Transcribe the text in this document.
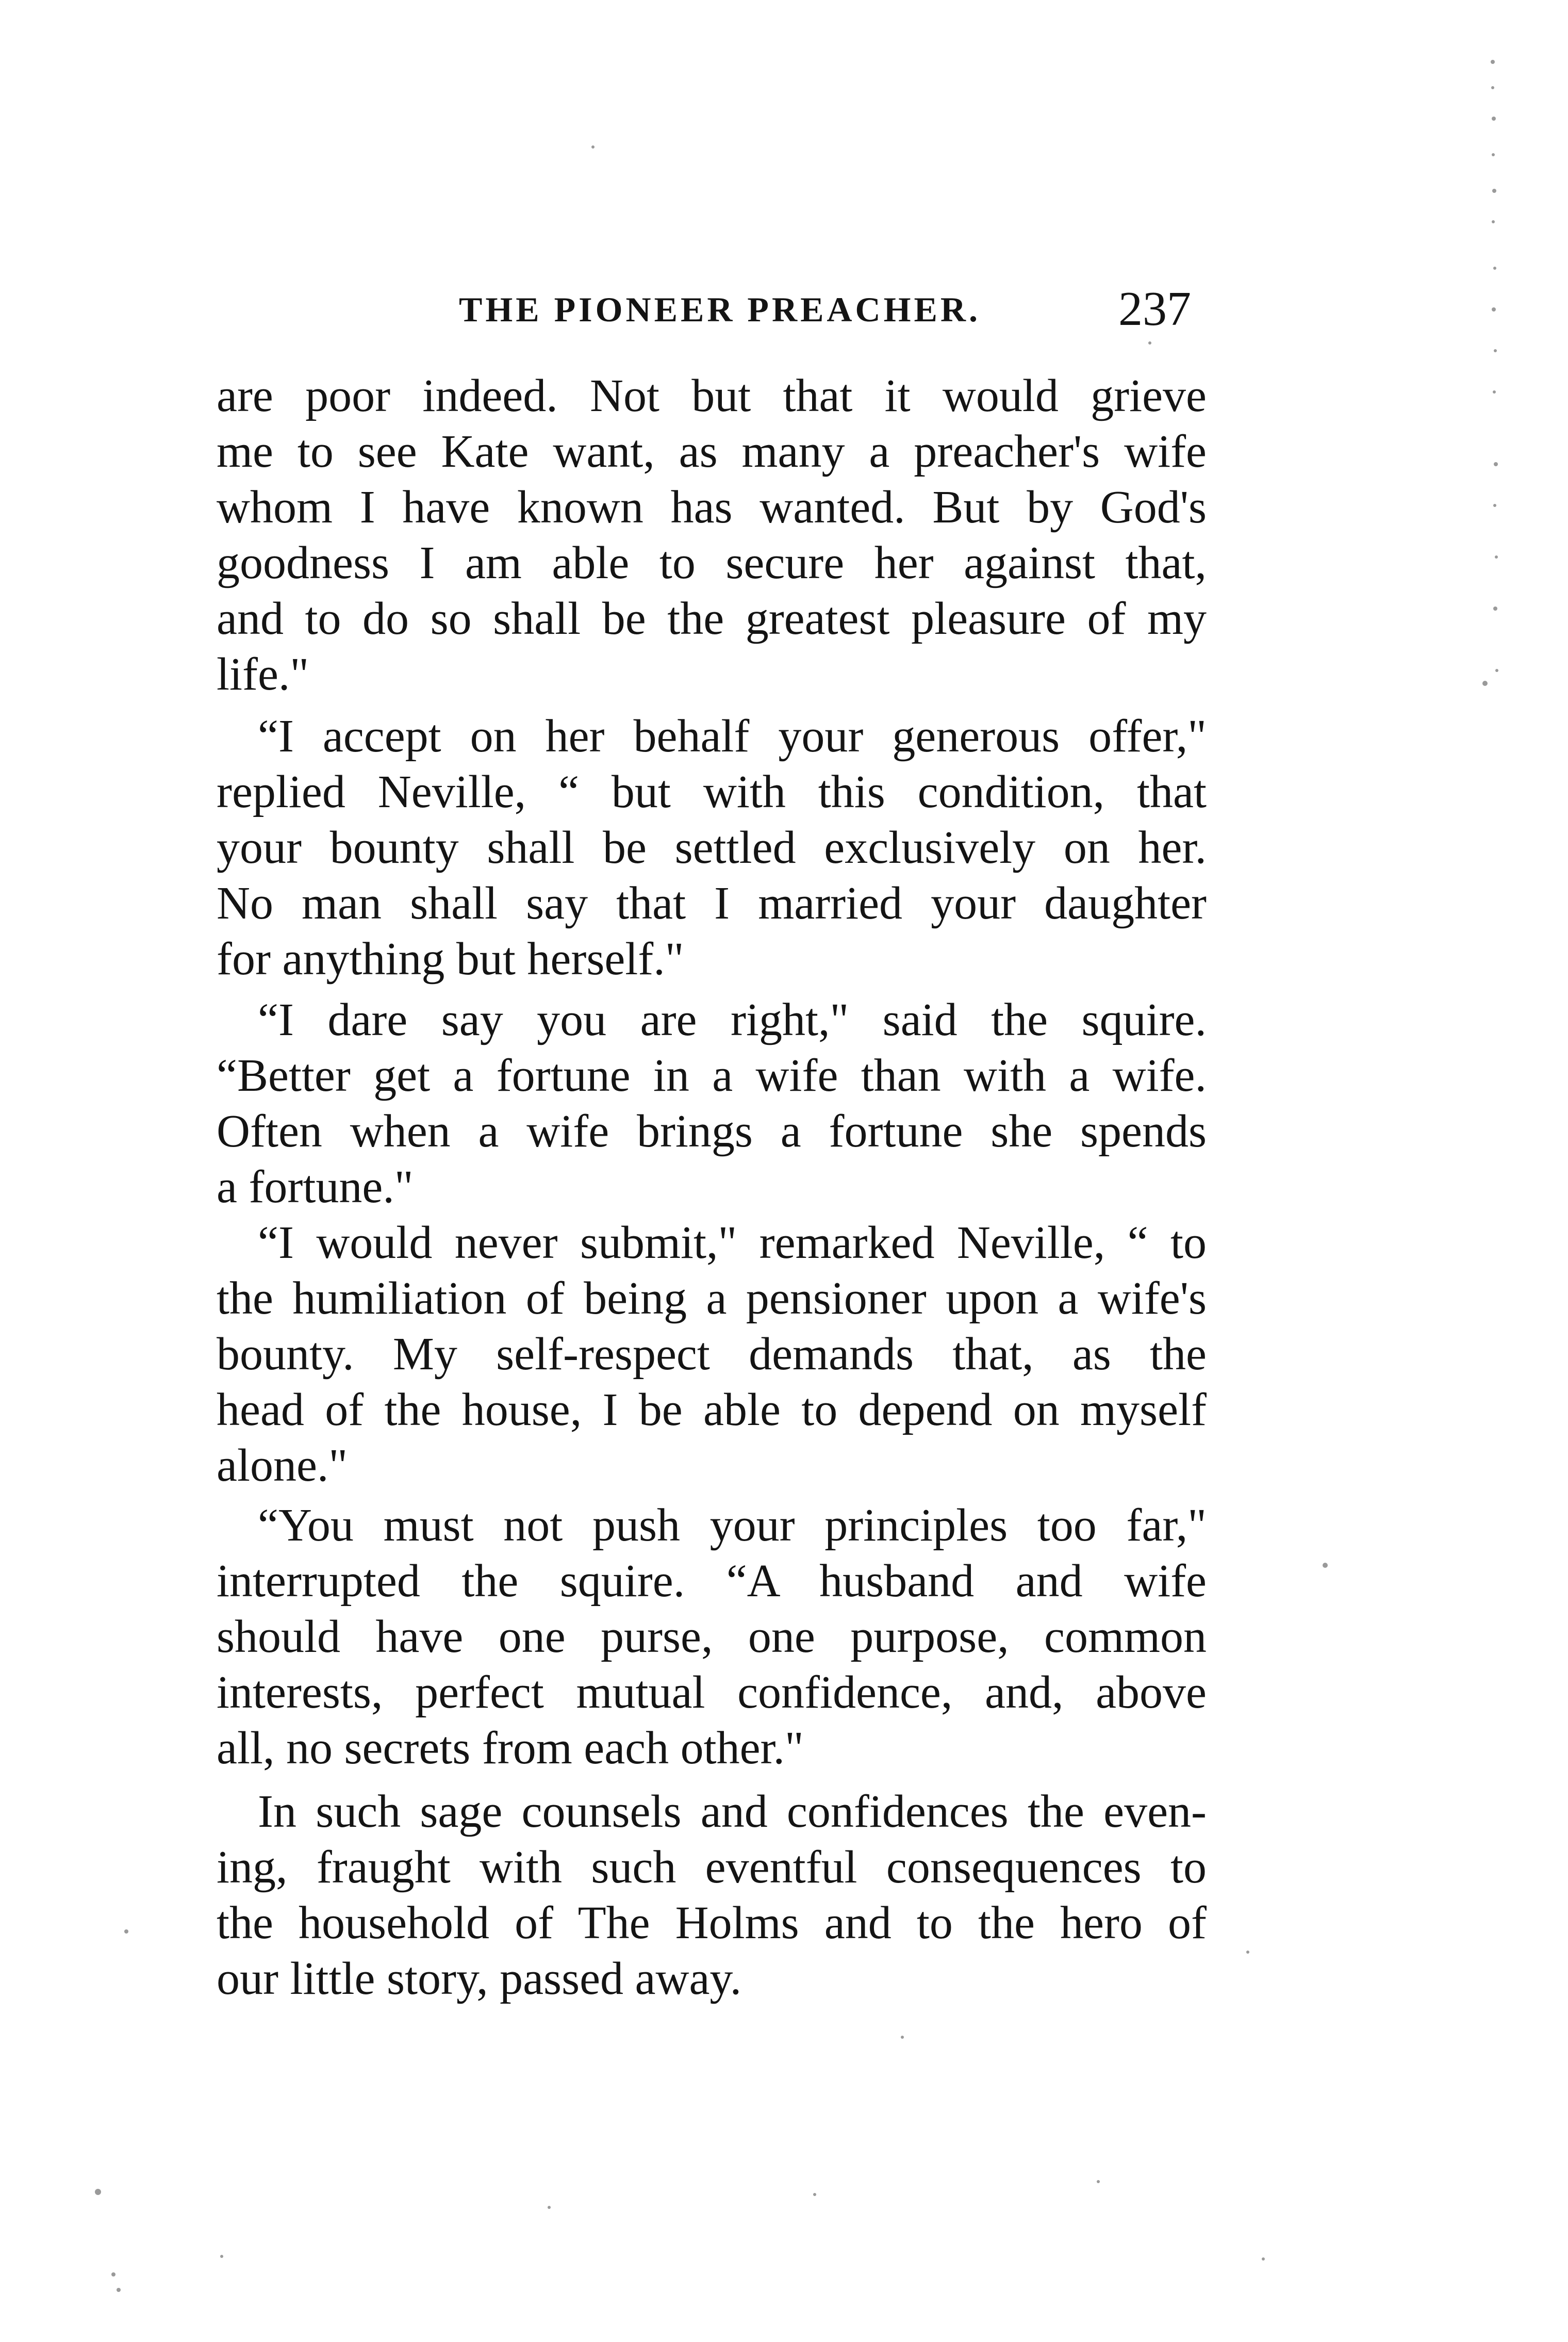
THE PIONEER PREACHER.	237
are poor indeed. Not but that it would grieve
me to see Kate want, as many a preacher's wife
whom I have known has wanted. But by God's
goodness I am able to secure her against that,
and to do so shall be the greatest pleasure of my
life."
“I accept on her behalf your generous offer,"
replied Neville, “ but with this condition, that
your bounty shall be settled exclusively on her.
No man shall say that I married your daughter
for anything but herself."
“I dare say you are right," said the squire.
“Better get a fortune in a wife than with a wife.
Often when a wife brings a fortune she spends
a fortune."
“I would never submit," remarked Neville, “ to
the humiliation of being a pensioner upon a wife's
bounty. My self-respect demands that, as the
head of the house, I be able to depend on myself
alone."
“You must not push your principles too far,"
interrupted the squire. “A husband and wife
should have one purse, one purpose, common
interests, perfect mutual confidence, and, above
all, no secrets from each other."
In such sage counsels and confidences the even-
ing, fraught with such eventful consequences to
the household of The Holms and to the hero of
our little story, passed away.
